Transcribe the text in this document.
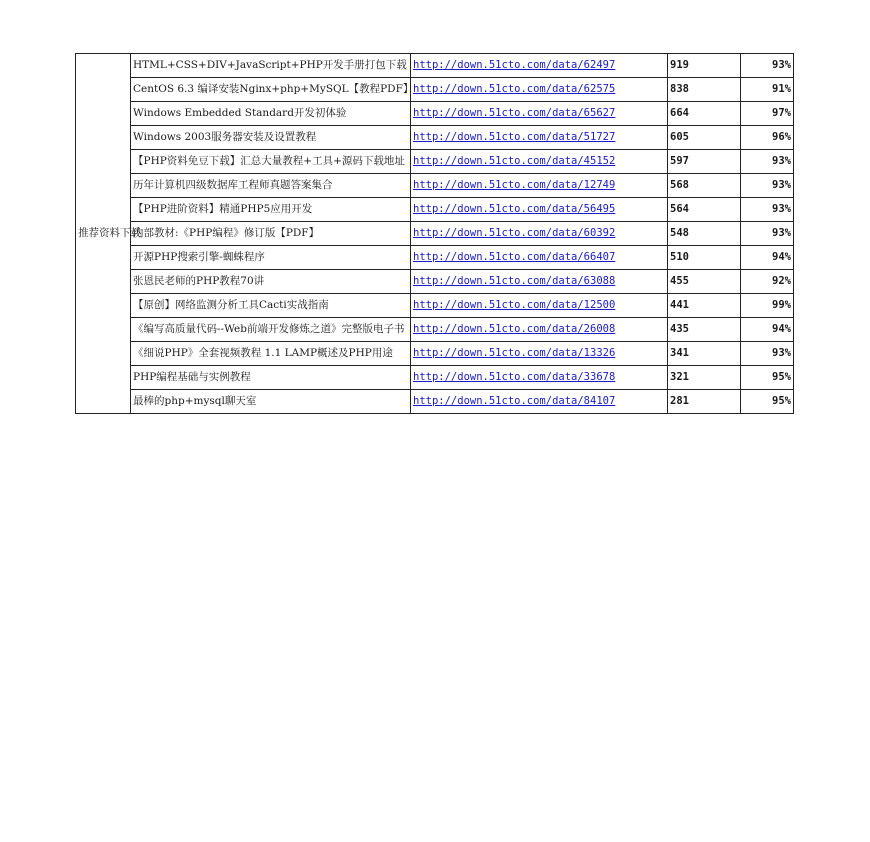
推荐资料下载	HTML+CSS+DIV+JavaScript+PHP开发手册打包下载	http://down.51cto.com/data/62497	919	93%

	CentOS 6.3 编译安装Nginx+php+MySQL【教程PDF】	http://down.51cto.com/data/62575	838	91%

	Windows Embedded Standard开发初体验	http://down.51cto.com/data/65627	664	97%

	Windows 2003服务器安装及设置教程	http://down.51cto.com/data/51727	605	96%

	【PHP资料免豆下载】汇总大量教程+工具+源码下载地址	http://down.51cto.com/data/45152	597	93%

	历年计算机四级数据库工程师真题答案集合	http://down.51cto.com/data/12749	568	93%

	【PHP进阶资料】精通PHP5应用开发	http://down.51cto.com/data/56495	564	93%

	内部教材:《PHP编程》修订版【PDF】	http://down.51cto.com/data/60392	548	93%

	开源PHP搜索引擎-蜘蛛程序	http://down.51cto.com/data/66407	510	94%

	张恩民老师的PHP教程70讲	http://down.51cto.com/data/63088	455	92%

	【原创】网络监测分析工具Cacti实战指南	http://down.51cto.com/data/12500	441	99%

	《编写高质量代码--Web前端开发修炼之道》完整版电子书	http://down.51cto.com/data/26008	435	94%

	《细说PHP》全套视频教程 1.1 LAMP概述及PHP用途	http://down.51cto.com/data/13326	341	93%

	PHP编程基础与实例教程	http://down.51cto.com/data/33678	321	95%

	最棒的php+mysql聊天室	http://down.51cto.com/data/84107	281	95%
